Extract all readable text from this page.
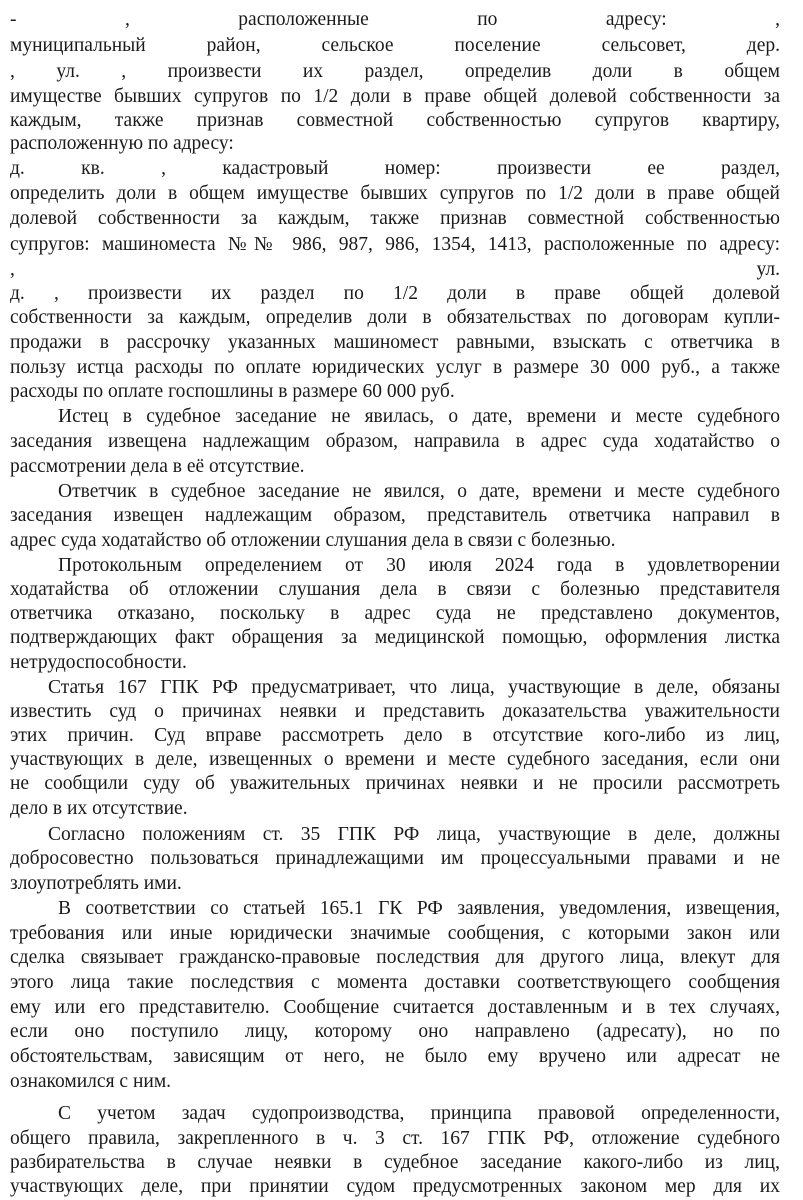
- , расположенные по адресу: ,
муниципальный район, сельское поселение сельсовет, дер.
, ул. , произвести их раздел, определив доли в общем
имуществе бывших супругов по 1/2 доли в праве общей долевой собственности за
каждым, также признав совместной собственностью супругов квартиру,
расположенную по адресу:
д. кв. , кадастровый номер: произвести ее раздел,
определить доли в общем имуществе бывших супругов по 1/2 доли в праве общей
долевой собственности за каждым, также признав совместной собственностью
супругов: машиноместа №№ 986, 987, 986, 1354, 1413, расположенные по адресу:
, ул.
д. , произвести их раздел по 1/2 доли в праве общей долевой
собственности за каждым, определив доли в обязательствах по договорам купли-
продажи в рассрочку указанных машиномест равными, взыскать с ответчика в
пользу истца расходы по оплате юридических услуг в размере 30 000 руб., а также
расходы по оплате госпошлины в размере 60 000 руб.
Истец в судебное заседание не явилась, о дате, времени и месте судебного
заседания извещена надлежащим образом, направила в адрес суда ходатайство о
рассмотрении дела в её отсутствие.
Ответчик в судебное заседание не явился, о дате, времени и месте судебного
заседания извещен надлежащим образом, представитель ответчика направил в
адрес суда ходатайство об отложении слушания дела в связи с болезнью.
Протокольным определением от 30 июля 2024 года в удовлетворении
ходатайства об отложении слушания дела в связи с болезнью представителя
ответчика отказано, поскольку в адрес суда не представлено документов,
подтверждающих факт обращения за медицинской помощью, оформления листка
нетрудоспособности.
Статья 167 ГПК РФ предусматривает, что лица, участвующие в деле, обязаны
известить суд о причинах неявки и представить доказательства уважительности
этих причин. Суд вправе рассмотреть дело в отсутствие кого-либо из лиц,
участвующих в деле, извещенных о времени и месте судебного заседания, если они
не сообщили суду об уважительных причинах неявки и не просили рассмотреть
дело в их отсутствие.
Согласно положениям ст. 35 ГПК РФ лица, участвующие в деле, должны
добросовестно пользоваться принадлежащими им процессуальными правами и не
злоупотреблять ими.
В соответствии со статьей 165.1 ГК РФ заявления, уведомления, извещения,
требования или иные юридически значимые сообщения, с которыми закон или
сделка связывает гражданско-правовые последствия для другого лица, влекут для
этого лица такие последствия с момента доставки соответствующего сообщения
ему или его представителю. Сообщение считается доставленным и в тех случаях,
если оно поступило лицу, которому оно направлено (адресату), но по
обстоятельствам, зависящим от него, не было ему вручено или адресат не
ознакомился с ним.
С учетом задач судопроизводства, принципа правовой определенности,
общего правила, закрепленного в ч. 3 ст. 167 ГПК РФ, отложение судебного
разбирательства в случае неявки в судебное заседание какого-либо из лиц,
участвующих деле, при принятии судом предусмотренных законом мер для их
